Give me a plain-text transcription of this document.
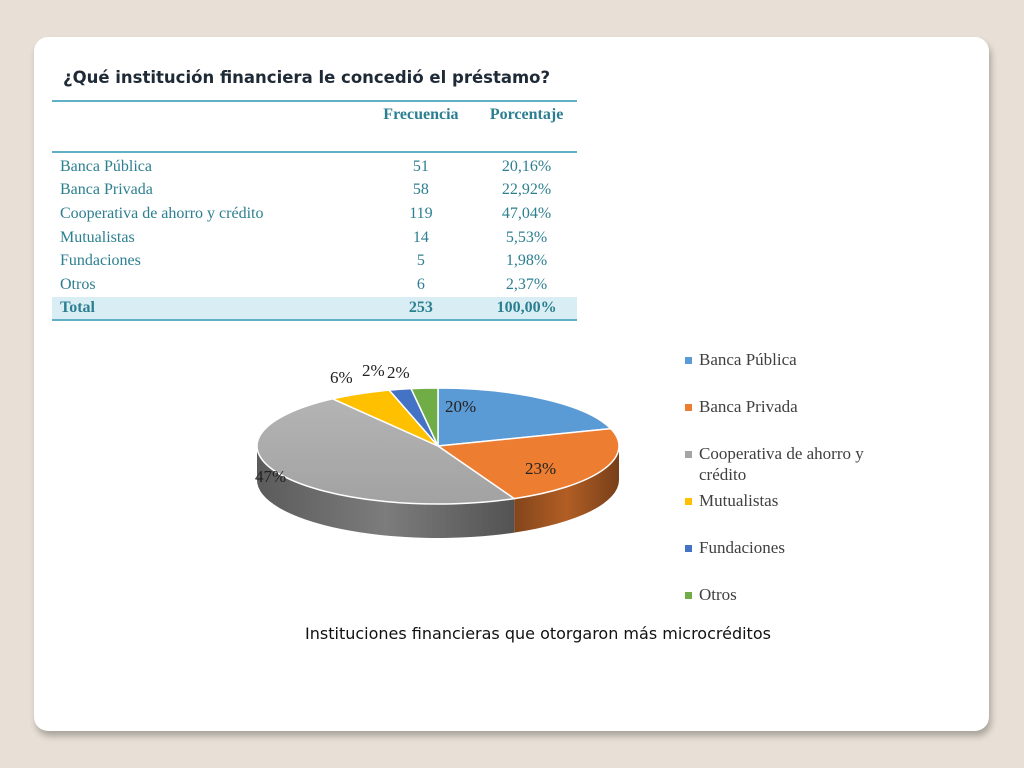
¿Qué institución financiera le concedió el préstamo?
	Frecuencia	Porcentaje
Banca Pública	51	20,16%
Banca Privada	58	22,92%
Cooperativa de ahorro y crédito	119	47,04%
Mutualistas	14	5,53%
Fundaciones	5	1,98%
Otros	6	2,37%
Total	253	100,00%
20%
23%
47%
6% 2% 2%
Banca Pública
Banca Privada
Cooperativa de ahorro y crédito
Mutualistas
Fundaciones
Otros

Instituciones financieras que otorgaron más microcréditos
